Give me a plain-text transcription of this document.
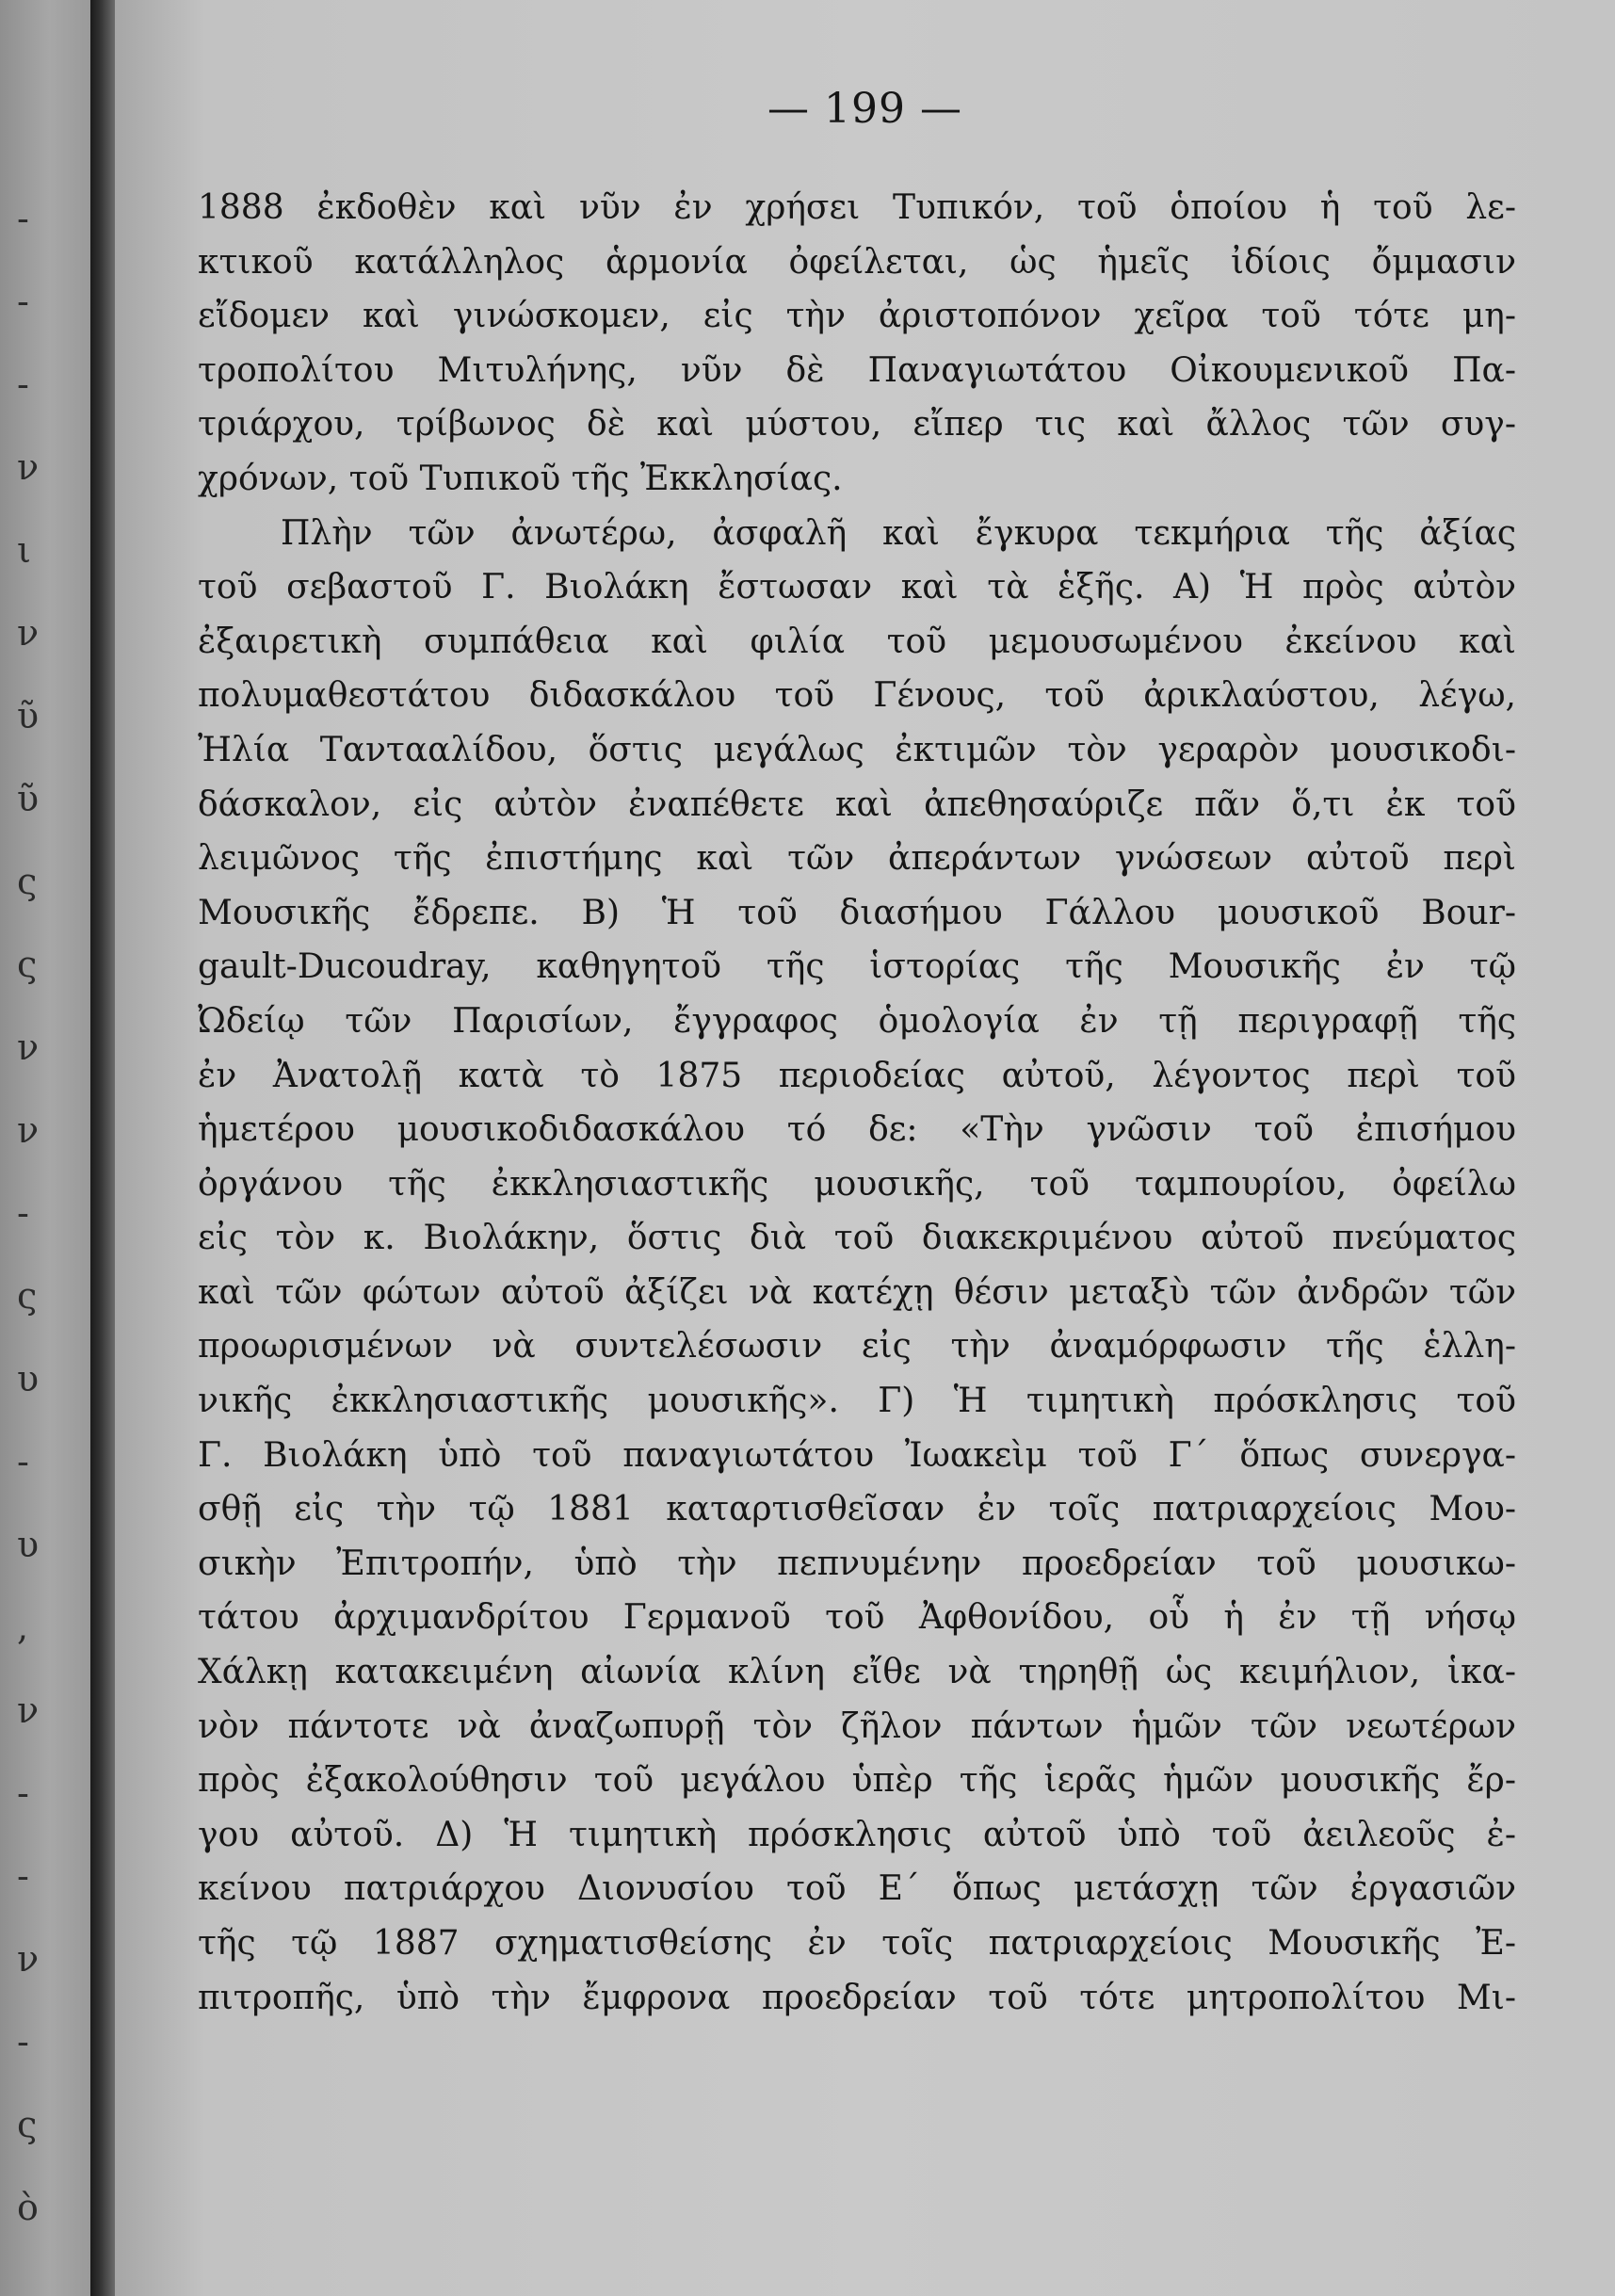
-
-
-
ν
ι
ν
ῦ
ῦ
ς
ς
ν
ν
-
ς
υ
-
υ
,
ν
-
-
ν
-
ς
ὸ
— 199 —
1888 ἐκδοθὲν καὶ νῦν ἐν χρήσει Τυπικόν, τοῦ ὁποίου ἡ τοῦ λε-
κτικοῦ κατάλληλος ἁρμονία ὀφείλεται, ὡς ἡμεῖς ἰδίοις ὄμμασιν
εἴδομεν καὶ γινώσκομεν, εἰς τὴν ἀριστοπόνον χεῖρα τοῦ τότε μη-
τροπολίτου Μιτυλήνης, νῦν δὲ Παναγιωτάτου Οἰκουμενικοῦ Πα-
τριάρχου, τρίβωνος δὲ καὶ μύστου, εἴπερ τις καὶ ἄλλος τῶν συγ-
χρόνων, τοῦ Τυπικοῦ τῆς Ἐκκλησίας.
Πλὴν τῶν ἀνωτέρω, ἀσφαλῆ καὶ ἔγκυρα τεκμήρια τῆς ἀξίας
τοῦ σεβαστοῦ Γ. Βιολάκη ἔστωσαν καὶ τὰ ἑξῆς. Α) Ἡ πρὸς αὐτὸν
ἐξαιρετικὴ συμπάθεια καὶ φιλία τοῦ μεμουσωμένου ἐκείνου καὶ
πολυμαθεστάτου διδασκάλου τοῦ Γένους, τοῦ ἀρικλαύστου, λέγω,
Ἠλία Ταντααλίδου, ὅστις μεγάλως ἐκτιμῶν τὸν γεραρὸν μουσικοδι-
δάσκαλον, εἰς αὐτὸν ἐναπέθετε καὶ ἀπεθησαύριζε πᾶν ὅ,τι ἐκ τοῦ
λειμῶνος τῆς ἐπιστήμης καὶ τῶν ἀπεράντων γνώσεων αὐτοῦ περὶ
Μουσικῆς ἔδρεπε. Β) Ἡ τοῦ διασήμου Γάλλου μουσικοῦ Bour-
gault-Ducoudray, καθηγητοῦ τῆς ἱστορίας τῆς Μουσικῆς ἐν τῷ
Ὠδείῳ τῶν Παρισίων, ἔγγραφος ὁμολογία ἐν τῇ περιγραφῇ τῆς
ἐν Ἀνατολῇ κατὰ τὸ 1875 περιοδείας αὐτοῦ, λέγοντος περὶ τοῦ
ἡμετέρου μουσικοδιδασκάλου τό δε: «Τὴν γνῶσιν τοῦ ἐπισήμου
ὀργάνου τῆς ἐκκλησιαστικῆς μουσικῆς, τοῦ ταμπουρίου, ὀφείλω
εἰς τὸν κ. Βιολάκην, ὅστις διὰ τοῦ διακεκριμένου αὐτοῦ πνεύματος
καὶ τῶν φώτων αὐτοῦ ἀξίζει νὰ κατέχῃ θέσιν μεταξὺ τῶν ἀνδρῶν τῶν
προωρισμένων νὰ συντελέσωσιν εἰς τὴν ἀναμόρφωσιν τῆς ἑλλη-
νικῆς ἐκκλησιαστικῆς μουσικῆς». Γ) Ἡ τιμητικὴ πρόσκλησις τοῦ
Γ. Βιολάκη ὑπὸ τοῦ παναγιωτάτου Ἰωακεὶμ τοῦ Γ΄ ὅπως συνεργα-
σθῇ εἰς τὴν τῷ 1881 καταρτισθεῖσαν ἐν τοῖς πατριαρχείοις Μου-
σικὴν Ἐπιτροπήν, ὑπὸ τὴν πεπνυμένην προεδρείαν τοῦ μουσικω-
τάτου ἀρχιμανδρίτου Γερμανοῦ τοῦ Ἀφθονίδου, οὗ ἡ ἐν τῇ νήσῳ
Χάλκῃ κατακειμένη αἰωνία κλίνη εἴθε νὰ τηρηθῇ ὡς κειμήλιον, ἱκα-
νὸν πάντοτε νὰ ἀναζωπυρῇ τὸν ζῆλον πάντων ἡμῶν τῶν νεωτέρων
πρὸς ἐξακολούθησιν τοῦ μεγάλου ὑπὲρ τῆς ἱερᾶς ἡμῶν μουσικῆς ἔρ-
γου αὐτοῦ. Δ) Ἡ τιμητικὴ πρόσκλησις αὐτοῦ ὑπὸ τοῦ ἀειλεοῦς ἐ-
κείνου πατριάρχου Διονυσίου τοῦ Ε΄ ὅπως μετάσχῃ τῶν ἐργασιῶν
τῆς τῷ 1887 σχηματισθείσης ἐν τοῖς πατριαρχείοις Μουσικῆς Ἐ-
πιτροπῆς, ὑπὸ τὴν ἔμφρονα προεδρείαν τοῦ τότε μητροπολίτου Μι-
